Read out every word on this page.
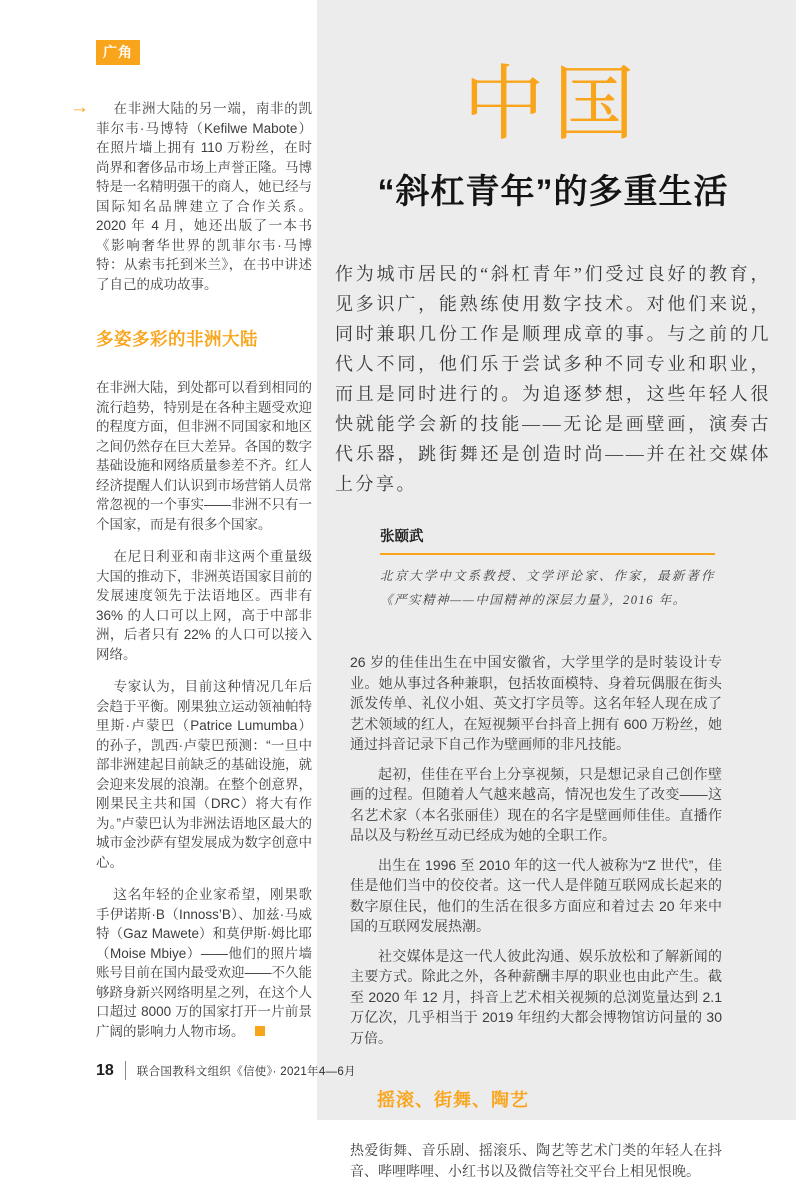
广角
→	在非洲大陆的另一端，南非的凯菲尔韦·马博特（Kefilwe Mabote）在照片墙上拥有 110 万粉丝，在时尚界和奢侈品市场上声誉正隆。马博特是一名精明强干的商人，她已经与国际知名品牌建立了合作关系。2020 年 4 月，她还出版了一本书《影响奢华世界的凯菲尔韦·马博特：从索韦托到米兰》，在书中讲述了自己的成功故事。

多姿多彩的非洲大陆

在非洲大陆，到处都可以看到相同的流行趋势，特别是在各种主题受欢迎的程度方面，但非洲不同国家和地区之间仍然存在巨大差异。各国的数字基础设施和网络质量参差不齐。红人经济提醒人们认识到市场营销人员常常忽视的一个事实——非洲不只有一个国家，而是有很多个国家。

在尼日利亚和南非这两个重量级大国的推动下，非洲英语国家目前的发展速度领先于法语地区。西非有 36% 的人口可以上网，高于中部非洲，后者只有 22% 的人口可以接入网络。

专家认为，目前这种情况几年后会趋于平衡。刚果独立运动领袖帕特里斯·卢蒙巴（Patrice Lumumba）的孙子，凯西·卢蒙巴预测：“一旦中部非洲建起目前缺乏的基础设施，就会迎来发展的浪潮。在整个创意界，刚果民主共和国（DRC）将大有作为。”卢蒙巴认为非洲法语地区最大的城市金沙萨有望发展成为数字创意中心。

这名年轻的企业家希望，刚果歌手伊诺斯·B（Innoss’B）、加兹·马威特（Gaz Mawete）和莫伊斯·姆比耶（Moise Mbiye）——他们的照片墙账号目前在国内最受欢迎——不久能够跻身新兴网络明星之列，在这个人口超过 8000 万的国家打开一片前景广阔的影响力人物市场。

中国
“斜杠青年”的多重生活

作为城市居民的“斜杠青年”们受过良好的教育，见多识广，能熟练使用数字技术。对他们来说，同时兼职几份工作是顺理成章的事。与之前的几代人不同，他们乐于尝试多种不同专业和职业，而且是同时进行的。为追逐梦想，这些年轻人很快就能学会新的技能——无论是画壁画，演奏古代乐器，跳街舞还是创造时尚——并在社交媒体上分享。

张颐武
北京大学中文系教授、文学评论家、作家，最新著作《严实精神——中国精神的深层力量》，2016 年。

26 岁的佳佳出生在中国安徽省，大学里学的是时装设计专业。她从事过各种兼职，包括妆面模特、身着玩偶服在街头派发传单、礼仪小姐、英文打字员等。这名年轻人现在成了艺术领域的红人，在短视频平台抖音上拥有 600 万粉丝，她通过抖音记录下自己作为壁画师的非凡技能。

起初，佳佳在平台上分享视频，只是想记录自己创作壁画的过程。但随着人气越来越高，情况也发生了改变——这名艺术家（本名张丽佳）现在的名字是壁画师佳佳。直播作品以及与粉丝互动已经成为她的全职工作。

出生在 1996 至 2010 年的这一代人被称为“Z 世代”，佳佳是他们当中的佼佼者。这一代人是伴随互联网成长起来的数字原住民，他们的生活在很多方面应和着过去 20 年来中国的互联网发展热潮。

社交媒体是这一代人彼此沟通、娱乐放松和了解新闻的主要方式。除此之外，各种薪酬丰厚的职业也由此产生。截至 2020 年 12 月，抖音上艺术相关视频的总浏览量达到 2.1 万亿次，几乎相当于 2019 年纽约大都会博物馆访问量的 30 万倍。

摇滚、街舞、陶艺

热爱街舞、音乐剧、摇滚乐、陶艺等艺术门类的年轻人在抖音、哔哩哔哩、小红书以及微信等社交平台上相见恨晚。

18 联合国教科文组织《信使》· 2021年4—6月
